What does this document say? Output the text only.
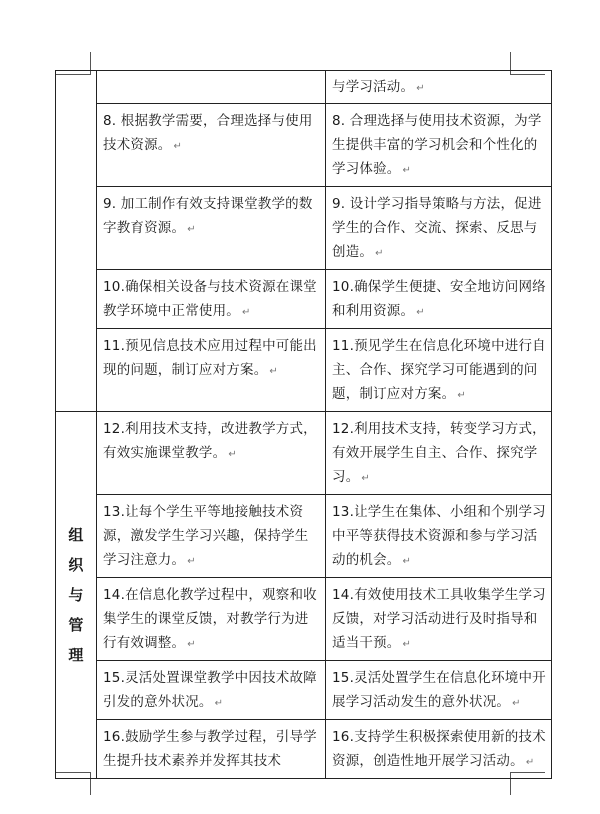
		与学习活动。 ↵
	8. 根据教学需要，合理选择与使用技术资源。 ↵	8. 合理选择与使用技术资源，为学生提供丰富的学习机会和个性化的学习体验。 ↵
	9. 加工制作有效支持课堂教学的数字教育资源。 ↵	9. 设计学习指导策略与方法，促进学生的合作、交流、探索、反思与创造。 ↵
	10.确保相关设备与技术资源在课堂教学环境中正常使用。 ↵	10.确保学生便捷、安全地访问网络和利用资源。 ↵
	11.预见信息技术应用过程中可能出现的问题，制订应对方案。 ↵	11.预见学生在信息化环境中进行自主、合作、探究学习可能遇到的问题，制订应对方案。 ↵
组织与管理	12.利用技术支持，改进教学方式，有效实施课堂教学。 ↵	12.利用技术支持，转变学习方式，有效开展学生自主、合作、探究学习。 ↵
	13.让每个学生平等地接触技术资源，激发学生学习兴趣，保持学生学习注意力。 ↵	13.让学生在集体、小组和个别学习中平等获得技术资源和参与学习活动的机会。 ↵
	14.在信息化教学过程中，观察和收集学生的课堂反馈，对教学行为进行有效调整。 ↵	14.有效使用技术工具收集学生学习反馈，对学习活动进行及时指导和适当干预。 ↵
	15.灵活处置课堂教学中因技术故障引发的意外状况。 ↵	15.灵活处置学生在信息化环境中开展学习活动发生的意外状况。 ↵
	16.鼓励学生参与教学过程，引导学生提升技术素养并发挥其技术	16.支持学生积极探索使用新的技术资源，创造性地开展学习活动。 ↵
